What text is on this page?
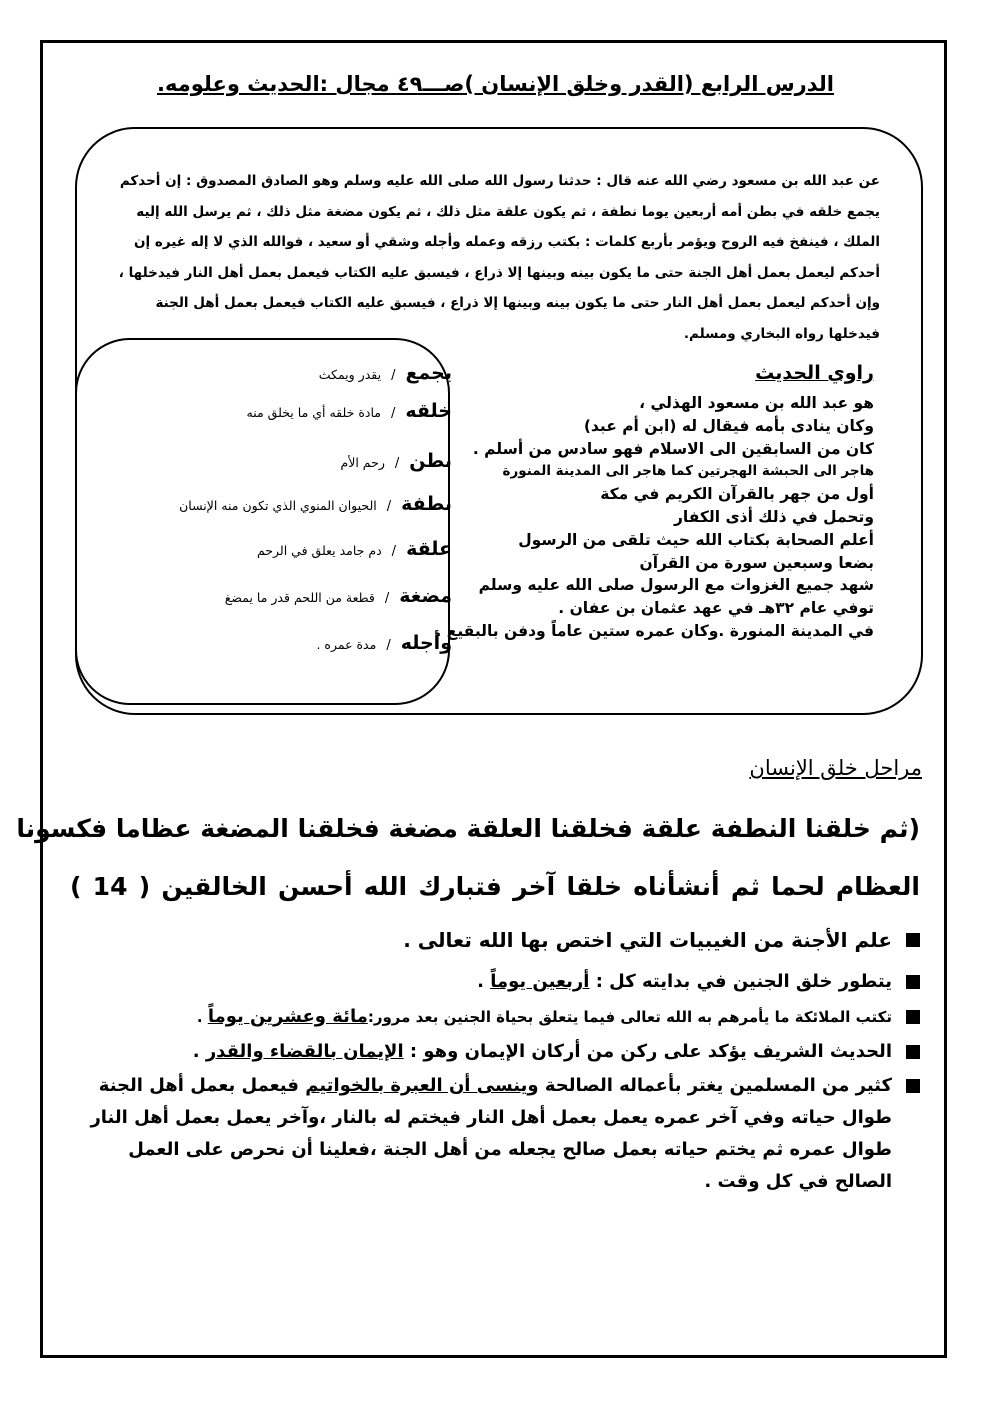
الدرس الرابع (القدر وخلق الإنسان )صـــ٤٩ مجال :الحديث وعلومه.
عن عبد الله بن مسعود رضي الله عنه قال : حدثنا رسول الله صلى الله عليه وسلم وهو الصادق المصدوق : إن أحدكم
يجمع خلقه في بطن أمه أربعين يوما نطفة ، ثم يكون علقة مثل ذلك ، ثم يكون مضغة مثل ذلك ، ثم يرسل الله إليه
الملك ، فينفخ فيه الروح ويؤمر بأربع كلمات : بكتب رزقه وعمله وأجله وشقي أو سعيد ، فوالله الذي لا إله غيره إن
أحدكم ليعمل بعمل أهل الجنة حتى ما يكون بينه وبينها إلا ذراع ، فيسبق عليه الكتاب فيعمل بعمل أهل النار فيدخلها ،
وإن أحدكم ليعمل بعمل أهل النار حتى ما يكون بينه وبينها إلا ذراع ، فيسبق عليه الكتاب فيعمل بعمل أهل الجنة
فيدخلها رواه البخاري ومسلم.
يجمع/يقدر ويمكث
خلقه/مادة خلقه أي ما يخلق منه
بطن/رحم الأم
نطفة/الحيوان المنوي الذي تكون منه الإنسان
علقة/دم جامد يعلق في الرحم
مضغة/قطعة من اللحم قدر ما يمضغ
وأجله/مدة عمره .
راوي الحديث
هو عبد الله بن مسعود الهذلي ،
وكان ينادى بأمه فيقال له (ابن أم عبد)
كان من السابقين الى الاسلام فهو سادس من أسلم .
هاجر الى الحبشة الهجرتين كما هاجر الى المدينة المنورة
أول من جهر بالقرآن الكريم في مكة
وتحمل في ذلك أذى الكفار
أعلم الصحابة بكتاب الله حيث تلقى من الرسول
بضعا وسبعين سورة من القرآن
شهد جميع الغزوات مع الرسول صلى الله عليه وسلم
توفي عام ٣٢هـ في عهد عثمان بن عفان .
في المدينة المنورة .وكان عمره ستين عاماً ودفن بالبقيع .
مراحل خلق الإنسان
(ثم خلقنا النطفة علقة فخلقنا العلقة مضغة فخلقنا المضغة عظاما فكسونا
العظام لحما ثم أنشأناه خلقا آخر فتبارك الله أحسن الخالقين ( 14 )
علم الأجنة من الغيبيات التي اختص بها الله تعالى .
يتطور خلق الجنين في بدايته كل : أربعين يوماً .
تكتب الملائكة ما يأمرهم به الله تعالى فيما يتعلق بحياة الجنين بعد مرور:مائة وعشرين يوماً .
الحديث الشريف يؤكد على ركن من أركان الإيمان وهو : الإيمان بالقضاء والقدر .
كثير من المسلمين يغتر بأعماله الصالحة وينسى أن العبرة بالخواتيم فيعمل بعمل أهل الجنة
طوال حياته وفي آخر عمره يعمل بعمل أهل النار فيختم له بالنار ،وآخر يعمل بعمل أهل النار
طوال عمره ثم يختم حياته بعمل صالح يجعله من أهل الجنة ،فعلينا أن نحرص على العمل
الصالح في كل وقت .
